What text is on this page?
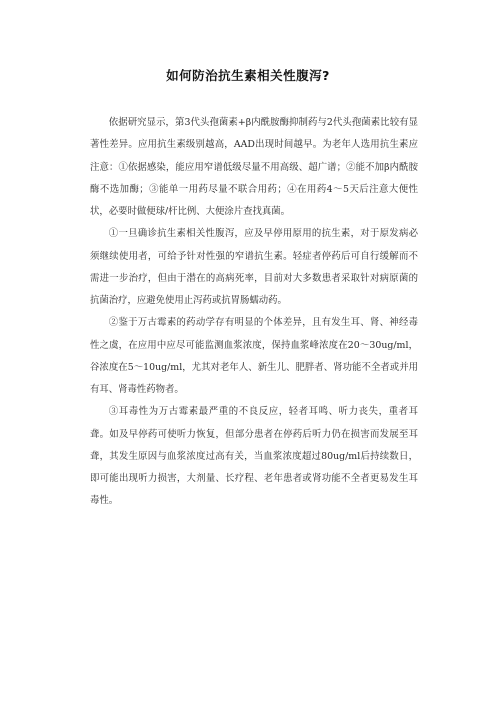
如何防治抗生素相关性腹泻?

依据研究显示，第3代头孢菌素+β内酰胺酶抑制药与2代头孢菌素比较有显著性差异。应用抗生素级别越高，AAD出现时间越早。为老年人选用抗生素应注意：①依据感染，能应用窄谱低级尽量不用高级、超广谱；②能不加β内酰胺酶不选加酶；③能单一用药尽量不联合用药；④在用药4～5天后注意大便性状，必要时做便球/杆比例、大便涂片查找真菌。

①一旦确诊抗生素相关性腹泻，应及早停用原用的抗生素，对于原发病必须继续使用者，可给予针对性强的窄谱抗生素。轻症者停药后可自行缓解而不需进一步治疗，但由于潜在的高病死率，目前对大多数患者采取针对病原菌的抗菌治疗，应避免使用止泻药或抗胃肠蠕动药。

②鉴于万古霉素的药动学存有明显的个体差异，且有发生耳、肾、神经毒性之虞，在应用中应尽可能监测血浆浓度，保持血浆峰浓度在20～30ug/ml，谷浓度在5～10ug/ml，尤其对老年人、新生儿、肥胖者、肾功能不全者或并用有耳、肾毒性药物者。

③耳毒性为万古霉素最严重的不良反应，轻者耳鸣、听力丧失，重者耳聋。如及早停药可使听力恢复，但部分患者在停药后听力仍在损害而发展至耳聋，其发生原因与血浆浓度过高有关，当血浆浓度超过80ug/ml后持续数日，即可能出现听力损害，大剂量、长疗程、老年患者或肾功能不全者更易发生耳毒性。
